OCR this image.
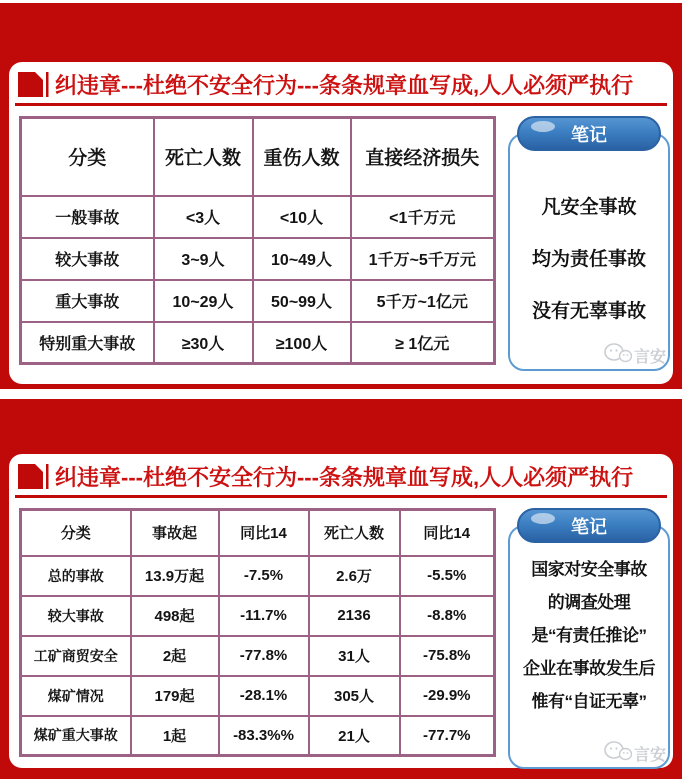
纠违章---杜绝不安全行为---条条规章血写成,人人必须严执行
分类	死亡人数	重伤人数	直接经济损失
一般事故	<3人	<10人	<1千万元
较大事故	3~9人	10~49人	1千万~5千万元
重大事故	10~29人	50~99人	5千万~1亿元
特别重大事故	≥30人	≥100人	≥ 1亿元
笔记
凡安全事故
均为责任事故
没有无辜事故
言安
纠违章---杜绝不安全行为---条条规章血写成,人人必须严执行
分类	事故起	同比14	死亡人数	同比14
总的事故	13.9万起	-7.5%	2.6万	-5.5%
较大事故	498起	-11.7%	2136	-8.8%
工矿商贸安全	2起	-77.8%	31人	-75.8%
煤矿情况	179起	-28.1%	305人	-29.9%
煤矿重大事故	1起	-83.3%%	21人	-77.7%
笔记
国家对安全事故
的调查处理
是“有责任推论”
企业在事故发生后
惟有“自证无辜”
言安
